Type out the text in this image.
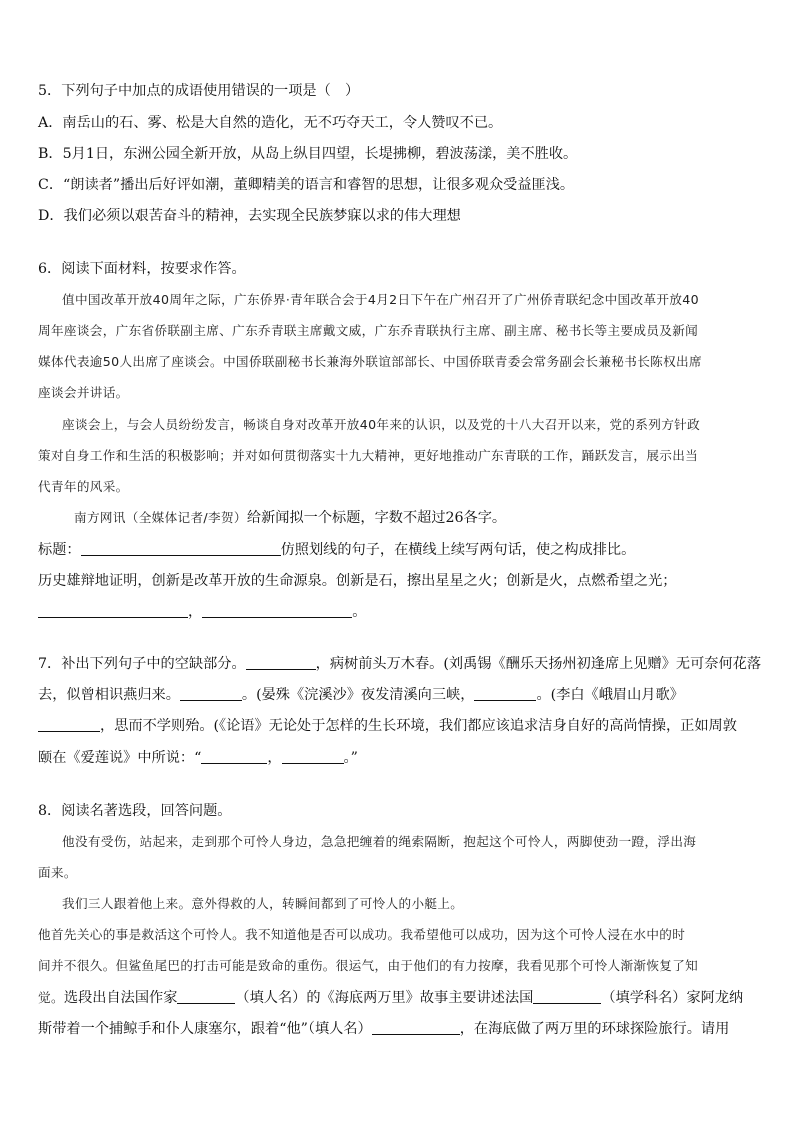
5．下列句子中加点的成语使用错误的一项是（　）
A．南岳山的石、雾、松是大自然的造化，无不巧夺天工，令人赞叹不已。
B．5月1日，东洲公园全新开放，从岛上纵目四望，长堤拂柳，碧波荡漾，美不胜收。
C．“朗读者”播出后好评如潮，董卿精美的语言和睿智的思想，让很多观众受益匪浅。
D．我们必须以艰苦奋斗的精神，去实现全民族梦寐以求的伟大理想
6．阅读下面材料，按要求作答。
值中国改革开放40周年之际，广东侨界·青年联合会于4月2日下午在广州召开了广州侨青联纪念中国改革开放40
周年座谈会，广东省侨联副主席、广东乔青联主席戴文威，广东乔青联执行主席、副主席、秘书长等主要成员及新闻
媒体代表逾50人出席了座谈会。中国侨联副秘书长兼海外联谊部部长、中国侨联青委会常务副会长兼秘书长陈权出席
座谈会并讲话。
座谈会上，与会人员纷纷发言，畅谈自身对改革开放40年来的认识，以及党的十八大召开以来，党的系列方针政
策对自身工作和生活的积极影响；并对如何贯彻落实十九大精神，更好地推动广东青联的工作，踊跃发言，展示出当
代青年的风采。
南方网讯（全媒体记者/李贺）给新闻拟一个标题，字数不超过26各字。
标题：	仿照划线的句子，在横线上续写两句话，使之构成排比。
历史雄辩地证明，创新是改革开放的生命源泉。创新是石，擦出星星之火；创新是火，点燃希望之光；
，	。
7．补出下列句子中的空缺部分。	，病树前头万木春。(刘禹锡《酬乐天扬州初逢席上见赠》无可奈何花落
去，似曾相识燕归来。	。(晏殊《浣溪沙》夜发清溪向三峡，	。(李白《峨眉山月歌》
，思而不学则殆。(《论语》无论处于怎样的生长环境，我们都应该追求洁身自好的高尚情操，正如周敦
颐在《爱莲说》中所说：“	，	。”
8．阅读名著选段，回答问题。
他没有受伤，站起来，走到那个可怜人身边，急急把缠着的绳索隔断，抱起这个可怜人，两脚使劲一蹬，浮出海
面来。
我们三人跟着他上来。意外得救的人，转瞬间都到了可怜人的小艇上。
他首先关心的事是救活这个可怜人。我不知道他是否可以成功。我希望他可以成功，因为这个可怜人浸在水中的时
间并不很久。但鲨鱼尾巴的打击可能是致命的重伤。很运气，由于他们的有力按摩，我看见那个可怜人渐渐恢复了知
觉。选段出自法国作家	（填人名）的《海底两万里》故事主要讲述法国	（填学科名）家阿龙纳
斯带着一个捕鲸手和仆人康塞尔，跟着“他”（填人名）	，在海底做了两万里的环球探险旅行。请用
